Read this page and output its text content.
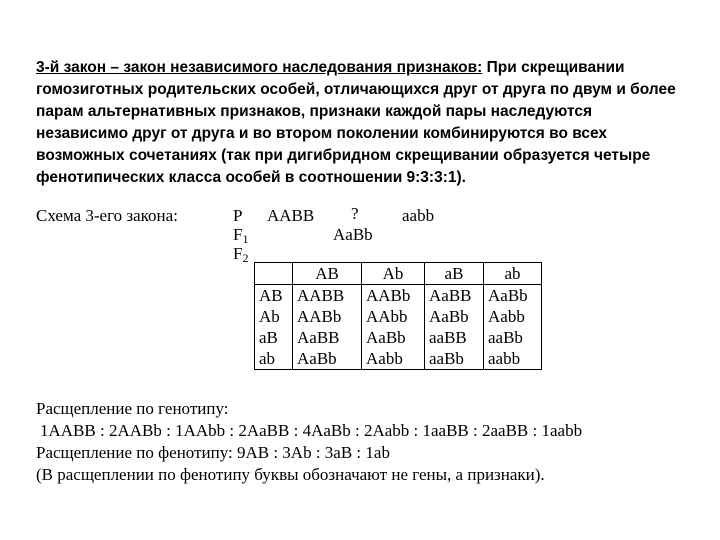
3-й закон – закон независимого наследования признаков: При скрещивании гомозиготных родительских особей, отличающихся друг от друга по двум и более парам альтернативных признаков, признаки каждой пары наследуются независимо друг от друга и во втором поколении комбинируются во всех возможных сочетаниях (так при дигибридном скрещивании образуется четыре фенотипических класса особей в соотношении 9:3:3:1).
Схема 3-его закона:	P AABB ?	aabb
$F_1$	AaBb
$F_2$
	AB	Ab	aB	ab
AB	AABB	AABb	AaBB	AaBb
Ab	AABb	AAbb	AaBb	Aabb
aB	AaBB	AaBb	aaBB	aaBb
ab	AaBb	Aabb	aaBb	aabb
Расщепление по генотипу:
1AABB : 2AABb : 1AAbb : 2AaBB : 4AaBb : 2Aabb : 1aaBB : 2aaBB : 1aabb
Расщепление по фенотипу: 9AB : 3Ab : 3aB : 1ab
(В расщеплении по фенотипу буквы обозначают не гены, а признаки).
